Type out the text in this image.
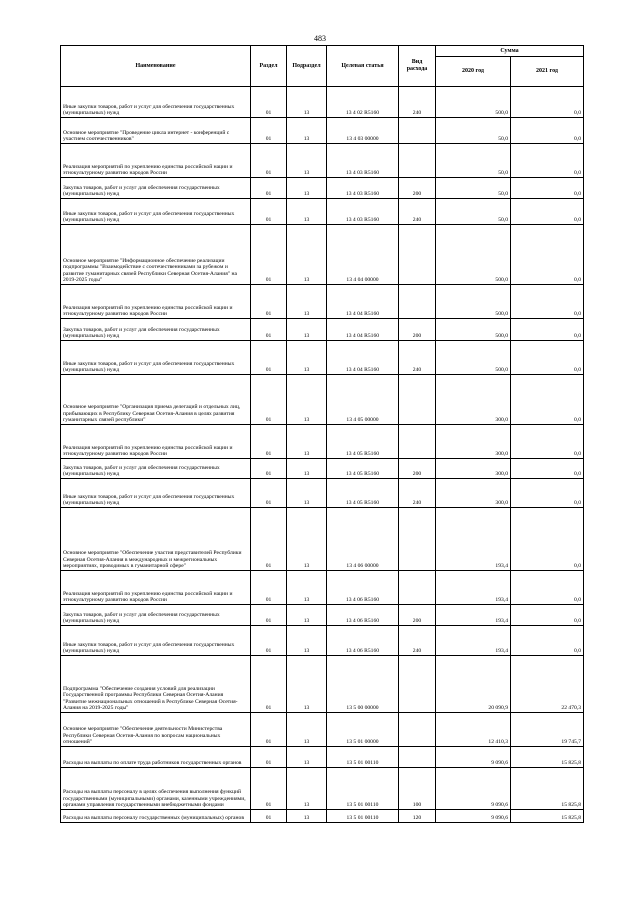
483
Наименование	Раздел	Подраздел	Целевая статья	Вид расхода	Сумма	
					2020 год	2021 год
Иные закупки товаров, работ и услуг для обеспечения государственных (муниципальных) нужд	01	13	13 4 02 R5160	240	500,0	0,0
Основное мероприятие "Проведение цикла интернет - конференций с участием соотечественников"	01	13	13 4 03 00000		50,0	0,0
Реализация мероприятий по укреплению единства российской нации и этнокультурному развитию народов России	01	13	13 4 03 R5160		50,0	0,0
Закупка товаров, работ и услуг для обеспечения государственных (муниципальных) нужд	01	13	13 4 03 R5160	200	50,0	0,0
Иные закупки товаров, работ и услуг для обеспечения государственных (муниципальных) нужд	01	13	13 4 03 R5160	240	50,0	0,0
Основное мероприятие "Информационное обеспечение реализации подпрограммы "Взаимодействие с соотечественниками за рубежом и развитие гуманитарных связей Республики Северная Осетия-Алания" на 2019-2025 годы"	01	13	13 4 04 00000		500,0	0,0
Реализация мероприятий по укреплению единства российской нации и этнокультурному развитию народов России	01	13	13 4 04 R5160		500,0	0,0
Закупка товаров, работ и услуг для обеспечения государственных (муниципальных) нужд	01	13	13 4 04 R5160	200	500,0	0,0
Иные закупки товаров, работ и услуг для обеспечения государственных (муниципальных) нужд	01	13	13 4 04 R5160	240	500,0	0,0
Основное мероприятие "Организация приема делегаций и отдельных лиц, прибывающих в Республику Северная Осетия-Алания в целях развития гуманитарных связей республики"	01	13	13 4 05 00000		300,0	0,0
Реализация мероприятий по укреплению единства российской нации и этнокультурному развитию народов России	01	13	13 4 05 R5160		300,0	0,0
Закупка товаров, работ и услуг для обеспечения государственных (муниципальных) нужд	01	13	13 4 05 R5160	200	300,0	0,0
Иные закупки товаров, работ и услуг для обеспечения государственных (муниципальных) нужд	01	13	13 4 05 R5160	240	300,0	0,0
Основное мероприятие "Обеспечение участия представителей Республики Северная Осетия-Алания в международных и межрегиональных мероприятиях, проводимых в гуманитарной сфере"	01	13	13 4 06 00000		193,4	0,0
Реализация мероприятий по укреплению единства российской нации и этнокультурному развитию народов России	01	13	13 4 06 R5160		193,4	0,0
Закупка товаров, работ и услуг для обеспечения государственных (муниципальных) нужд	01	13	13 4 06 R5160	200	193,4	0,0
Иные закупки товаров, работ и услуг для обеспечения государственных (муниципальных) нужд	01	13	13 4 06 R5160	240	193,4	0,0
Подпрограмма "Обеспечение создания условий для реализации Государственной программы Республики Северная Осетия-Алания "Развитие межнациональных отношений в Республике Северная Осетия-Алания на 2019-2025 годы"	01	13	13 5 00 00000		20 090,9	22 470,3
Основное мероприятие "Обеспечение деятельности Министерства Республики Северная Осетия-Алания по вопросам национальных отношений"	01	13	13 5 01 00000		12 410,3	19 745,7
Расходы на выплаты по оплате труда работников государственных органов	01	13	13 5 01 00110		9 090,6	15 825,8
Расходы на выплаты персоналу в целях обеспечения выполнения функций государственными (муниципальными) органами, казенными учреждениями, органами управления государственными внебюджетными фондами	01	13	13 5 01 00110	100	9 090,6	15 825,8
Расходы на выплаты персоналу государственных (муниципальных) органов	01	13	13 5 01 00110	120	9 090,6	15 825,8
